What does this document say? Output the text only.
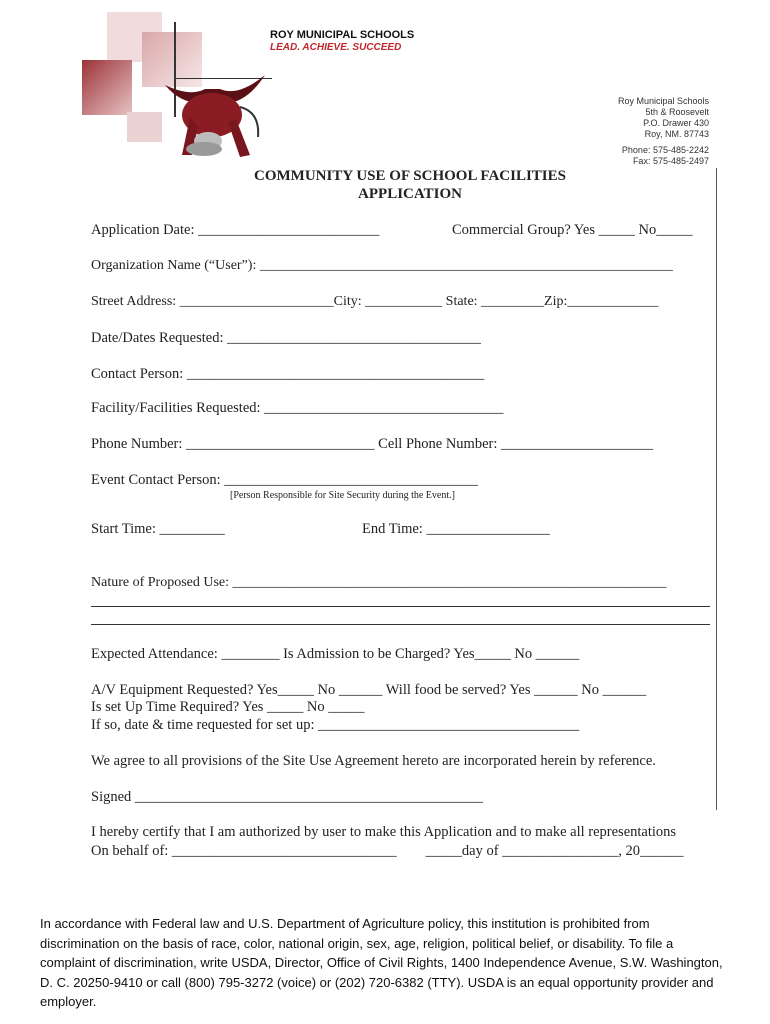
ROY MUNICIPAL SCHOOLS
LEAD. ACHIEVE. SUCCEED
Roy Municipal Schools
5th & Roosevelt
P.O. Drawer 430
Roy, NM. 87743
Phone: 575-485-2242
Fax: 575-485-2497
COMMUNITY USE OF SCHOOL FACILITIES
APPLICATION
Application Date: _________________________	Commercial Group? Yes _____ No_____
Organization Name (“User”): ___________________________________________________________
Street Address: ______________________City: ___________ State: _________Zip:_____________
Date/Dates Requested: ___________________________________
Contact Person: _________________________________________
Facility/Facilities Requested: _________________________________
Phone Number: __________________________ Cell Phone Number: _____________________
Event Contact Person: ___________________________________
[Person Responsible for Site Security during the Event.]
Start Time: _________	End Time: _________________
Nature of Proposed Use: ______________________________________________________________
Expected Attendance: ________ Is Admission to be Charged? Yes_____ No ______
A/V Equipment Requested? Yes_____ No ______ Will food be served? Yes ______ No ______
Is set Up Time Required? Yes _____ No _____
If so, date & time requested for set up: ____________________________________
We agree to all provisions of the Site Use Agreement hereto are incorporated herein by reference.
Signed ________________________________________________
I hereby certify that I am authorized by user to make this Application and to make all representations
On behalf of: _______________________________        _____day of ________________, 20______
In accordance with Federal law and U.S. Department of Agriculture policy, this institution is prohibited from discrimination on the basis of race, color, national origin, sex, age, religion, political belief, or disability. To file a complaint of discrimination, write USDA, Director, Office of Civil Rights, 1400 Independence Avenue, S.W. Washington, D. C. 20250-9410 or call (800) 795-3272 (voice) or (202) 720-6382 (TTY). USDA is an equal opportunity provider and employer.
